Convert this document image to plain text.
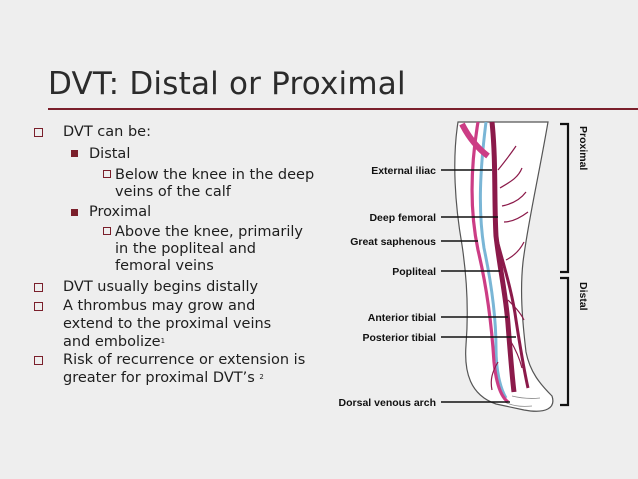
DVT: Distal or Proximal
DVT can be:
Distal
Below the knee in the deep
veins of the calf
Proximal
Above the knee, primarily
in the popliteal and
femoral veins
DVT usually begins distally
A thrombus may grow and
extend to the proximal veins
and embolize$^1$
Risk of recurrence or extension is
greater for proximal DVT’s $^2$
External iliac
Deep femoral
Great saphenous
Popliteal
Anterior tibial
Posterior tibial
Dorsal venous arch
Proximal
Distal
